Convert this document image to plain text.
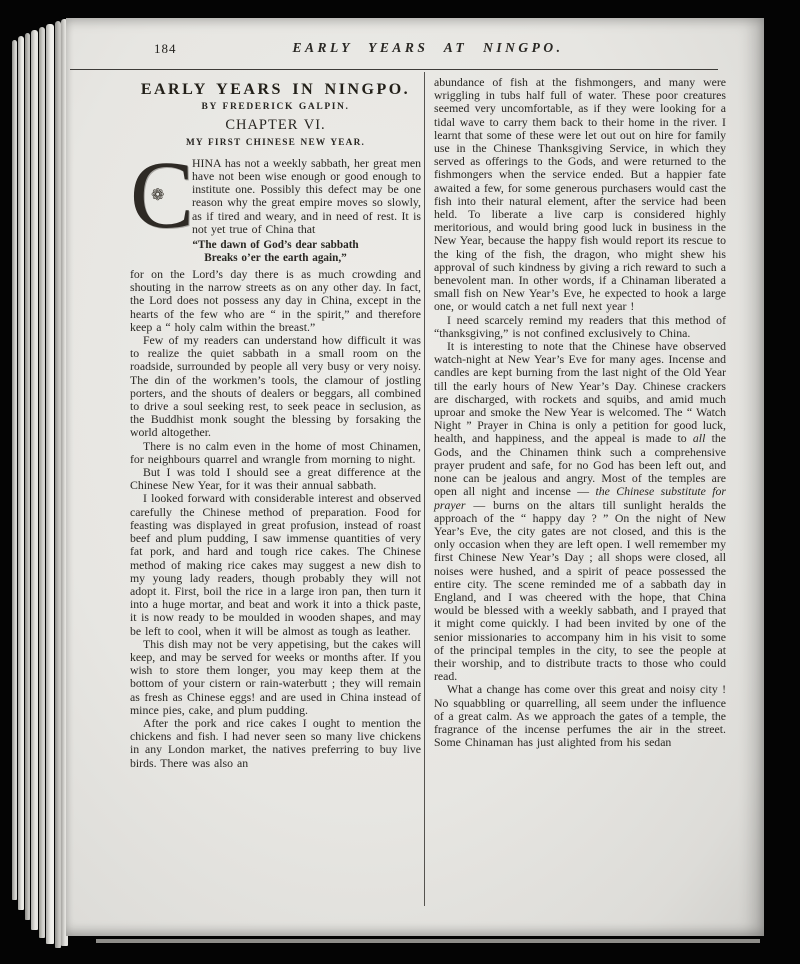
184	EARLY YEARS AT NINGPO.
EARLY YEARS IN NINGPO.
BY FREDERICK GALPIN.
CHAPTER VI.
MY FIRST CHINESE NEW YEAR.

C ❁
HINA has not a weekly sabbath, her great men have not been wise enough or good enough to institute one. Possibly this defect may be one reason why the great empire moves so slowly, as if tired and weary, and in need of rest. It is not yet true of China that

“The dawn of God’s dear sabbath
Breaks o’er the earth again,”

for on the Lord’s day there is as much crowding and shouting in the narrow streets as on any other day. In fact, the Lord does not possess any day in China, except in the hearts of the few who are “ in the spirit,” and therefore keep a “ holy calm within the breast.”

Few of my readers can understand how difficult it was to realize the quiet sabbath in a small room on the roadside, surrounded by people all very busy or very noisy. The din of the workmen’s tools, the clamour of jostling porters, and the shouts of dealers or beggars, all combined to drive a soul seeking rest, to seek peace in seclusion, as the Buddhist monk sought the blessing by forsaking the world altogether.

There is no calm even in the home of most Chinamen, for neighbours quarrel and wrangle from morning to night.

But I was told I should see a great difference at the Chinese New Year, for it was their annual sabbath.

I looked forward with considerable interest and observed carefully the Chinese method of preparation. Food for feasting was displayed in great profusion, instead of roast beef and plum pudding, I saw immense quantities of very fat pork, and hard and tough rice cakes. The Chinese method of making rice cakes may suggest a new dish to my young lady readers, though probably they will not adopt it. First, boil the rice in a large iron pan, then turn it into a huge mortar, and beat and work it into a thick paste, it is now ready to be moulded in wooden shapes, and may be left to cool, when it will be almost as tough as leather.

This dish may not be very appetising, but the cakes will keep, and may be served for weeks or months after. If you wish to store them longer, you may keep them at the bottom of your cistern or rain-waterbutt ; they will remain as fresh as Chinese eggs! and are used in China instead of mince pies, cake, and plum pudding.

After the pork and rice cakes I ought to mention the chickens and fish. I had never seen so many live chickens in any London market, the natives preferring to buy live birds. There was also an

abundance of fish at the fishmongers, and many were wriggling in tubs half full of water. These poor creatures seemed very uncomfortable, as if they were looking for a tidal wave to carry them back to their home in the river. I learnt that some of these were let out out on hire for family use in the Chinese Thanksgiving Service, in which they served as offerings to the Gods, and were returned to the fishmongers when the service ended. But a happier fate awaited a few, for some generous purchasers would cast the fish into their natural element, after the service had been held. To liberate a live carp is considered highly meritorious, and would bring good luck in business in the New Year, because the happy fish would report its rescue to the king of the fish, the dragon, who might shew his approval of such kindness by giving a rich reward to such a benevolent man. In other words, if a Chinaman liberated a small fish on New Year’s Eve, he expected to hook a large one, or would catch a net full next year !

I need scarcely remind my readers that this method of “thanksgiving,” is not confined exclusively to China.

It is interesting to note that the Chinese have observed watch-night at New Year’s Eve for many ages. Incense and candles are kept burning from the last night of the Old Year till the early hours of New Year’s Day. Chinese crackers are discharged, with rockets and squibs, and amid much uproar and smoke the New Year is welcomed. The “ Watch Night ” Prayer in China is only a petition for good luck, health, and happiness, and the appeal is made to all the Gods, and the Chinamen think such a comprehensive prayer prudent and safe, for no God has been left out, and none can be jealous and angry. Most of the temples are open all night and incense — the Chinese substitute for prayer — burns on the altars till sunlight heralds the approach of the “ happy day ? ” On the night of New Year’s Eve, the city gates are not closed, and this is the only occasion when they are left open. I well remember my first Chinese New Year’s Day ; all shops were closed, all noises were hushed, and a spirit of peace possessed the entire city. The scene reminded me of a sabbath day in England, and I was cheered with the hope, that China would be blessed with a weekly sabbath, and I prayed that it might come quickly. I had been invited by one of the senior missionaries to accompany him in his visit to some of the principal temples in the city, to see the people at their worship, and to distribute tracts to those who could read.

What a change has come over this great and noisy city ! No squabbling or quarrelling, all seem under the influence of a great calm. As we approach the gates of a temple, the fragrance of the incense perfumes the air in the street. Some Chinaman has just alighted from his sedan
